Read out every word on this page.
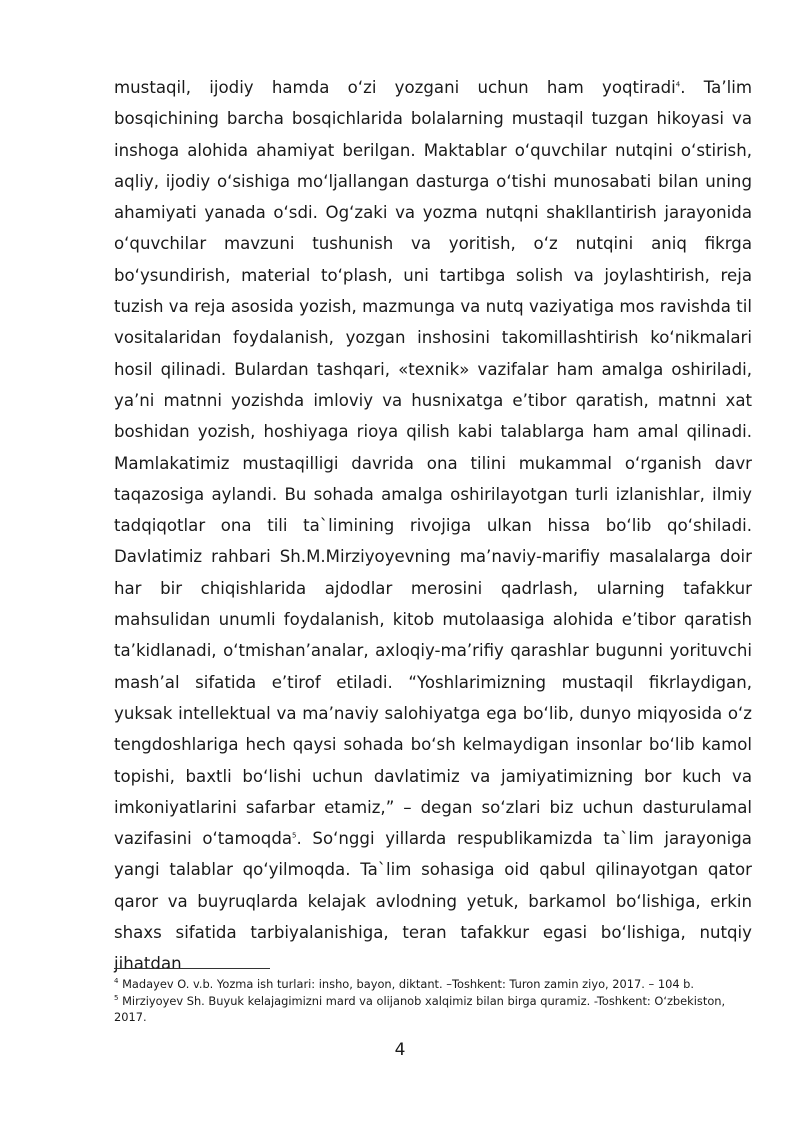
mustaqil, ijodiy hamda o‘zi yozgani uchun ham yoqtiradi$^4$. Ta’lim bosqichining barcha bosqichlarida bolalarning mustaqil tuzgan hikoyasi va inshoga alohida ahamiyat berilgan. Maktablar o‘quvchilar nutqini o‘stirish, aqliy, ijodiy o‘sishiga mo‘ljallangan dasturga o‘tishi munosabati bilan uning ahamiyati yanada o‘sdi. Og‘zaki va yozma nutqni shakllantirish jarayonida o‘quvchilar mavzuni tushunish va yoritish, o‘z nutqini aniq fikrga bo‘ysundirish, material to‘plash, uni tartibga solish va joylashtirish, reja tuzish va reja asosida yozish, mazmunga va nutq vaziyatiga mos ravishda til vositalaridan foydalanish, yozgan inshosini takomillashtirish ko‘nikmalari hosil qilinadi. Bulardan tashqari, «texnik» vazifalar ham amalga oshiriladi, ya’ni matnni yozishda imloviy va husnixatga e’tibor qaratish, matnni xat boshidan yozish, hoshiyaga rioya qilish kabi talablarga ham amal qilinadi. Mamlakatimiz mustaqilligi davrida ona tilini mukammal o‘rganish davr taqazosiga aylandi. Bu sohada amalga oshirilayotgan turli izlanishlar, ilmiy tadqiqotlar ona tili ta`limining rivojiga ulkan hissa bo‘lib qo‘shiladi. Davlatimiz rahbari Sh.M.Mirziyoyevning ma’naviy-marifiy masalalarga doir har bir chiqishlarida ajdodlar merosini qadrlash, ularning tafakkur mahsulidan unumli foydalanish, kitob mutolaasiga alohida e’tibor qaratish ta’kidlanadi, o‘tmishan’analar, axloqiy-ma’rifiy qarashlar bugunni yorituvchi mash’al sifatida e’tirof etiladi. “Yoshlarimizning mustaqil fikrlaydigan, yuksak intellektual va ma’naviy salohiyatga ega bo‘lib, dunyo miqyosida o‘z tengdoshlariga hech qaysi sohada bo‘sh kelmaydigan insonlar bo‘lib kamol topishi, baxtli bo‘lishi uchun davlatimiz va jamiyatimizning bor kuch va imkoniyatlarini safarbar etamiz,” – degan so‘zlari biz uchun dasturulamal vazifasini o‘tamoqda$^5$. So‘nggi yillarda respublikamizda ta`lim jarayoniga yangi talablar qo‘yilmoqda. Ta`lim sohasiga oid qabul qilinayotgan qator qaror va buyruqlarda kelajak avlodning yetuk, barkamol bo‘lishiga, erkin shaxs sifatida tarbiyalanishiga, teran tafakkur egasi bo‘lishiga, nutqiy jihatdan

$^4$ Madayev O. v.b. Yozma ish turlari: insho, bayon, diktant. –Toshkent: Turon zamin ziyo, 2017. – 104 b.

$^5$ Mirziyoyev Sh. Buyuk kelajagimizni mard va olijanob xalqimiz bilan birga quramiz. -Toshkent: O‘zbekiston, 2017.

4
